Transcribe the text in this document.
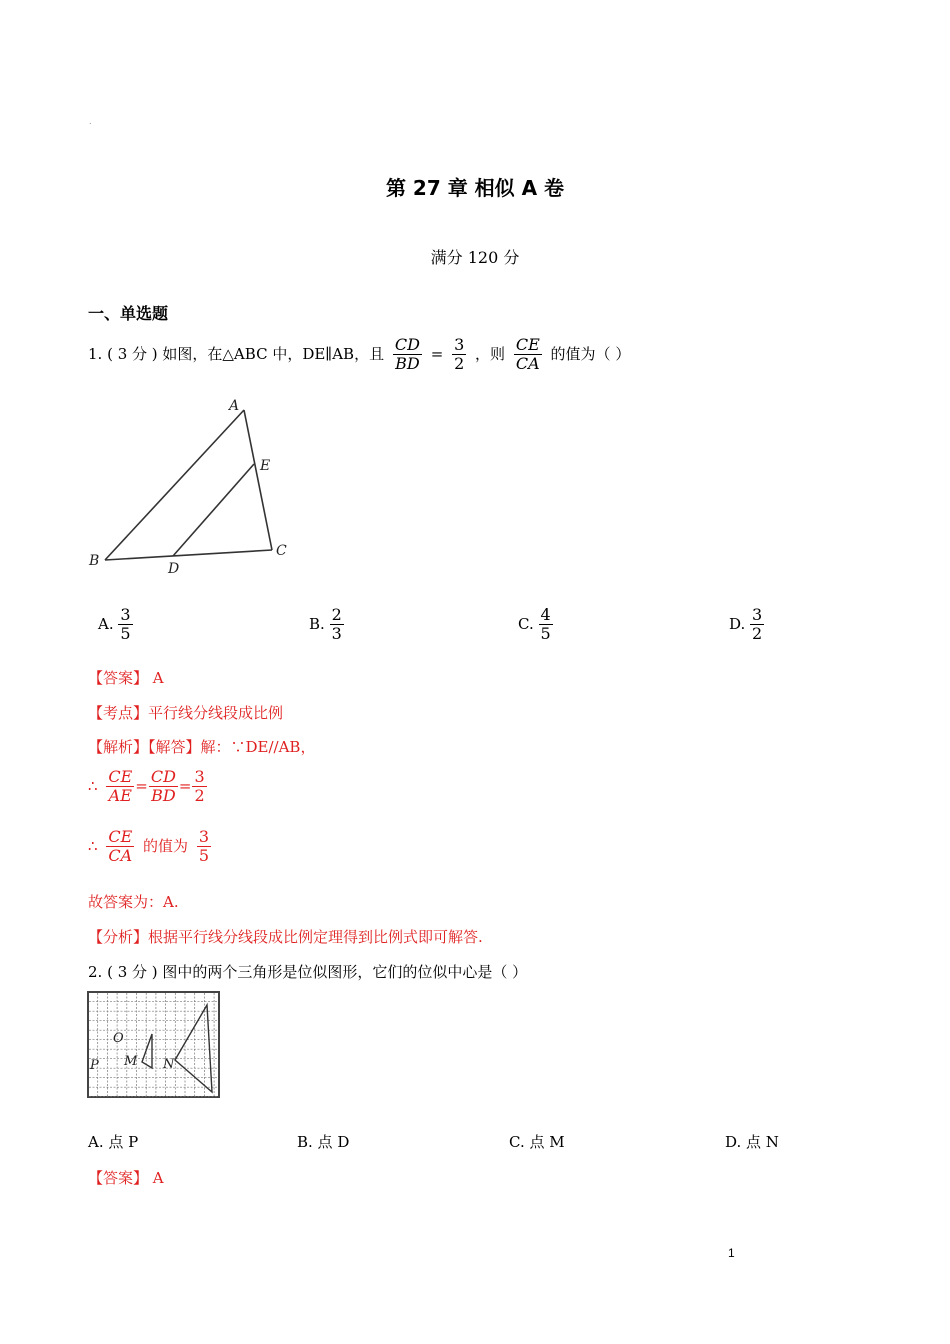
.
第 27 章 相似 A 卷
满分 120 分
一、单选题
1. ( 3 分 ) 如图，在△ABC 中，DE∥AB，且 $\frac{CD}{BD} = \frac{3}{2}$ ，则 $\frac{CE}{CA}$ 的值为（ ）
A
E
B	D
C
A. $\frac{3}{5}$	B. $\frac{2}{3}$	C. $\frac{4}{5}$	D. $\frac{3}{2}$
【答案】 A
【考点】平行线分线段成比例
【解析】【解答】解：∵DE//AB，
∴ $\frac{CE}{AE} = \frac{CD}{BD} = \frac{3}{2}$
∴ $\frac{CE}{CA}$ 的值为 $\frac{3}{5}$
故答案为：A.
【分析】根据平行线分线段成比例定理得到比例式即可解答.
2. ( 3 分 ) 图中的两个三角形是位似图形，它们的位似中心是（ ）
O
P M N
A. 点 P	B. 点 D	C. 点 M	D. 点 N
【答案】 A
1
